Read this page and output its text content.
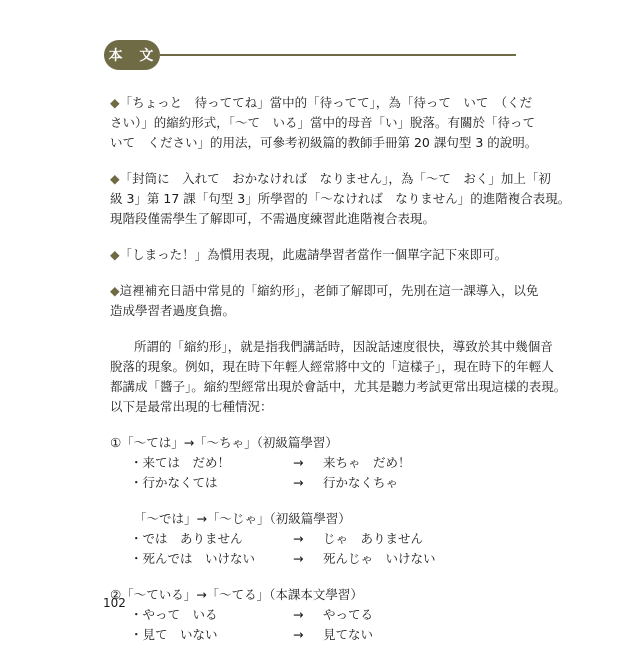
本 文
◆「ちょっと　待っててね」當中的「待ってて」，為「待って　いて　（くだ
さい）」的縮約形式，「〜て　いる」當中的母音「い」脫落。有關於「待って
いて　ください」的用法，可參考初級篇的教師手冊第 20 課句型 3 的說明。
◆「封筒に　入れて　おかなければ　なりません」，為「〜て　おく」加上「初
級 3」第 17 課「句型 3」所學習的「〜なければ　なりません」的進階複合表現。
現階段僅需學生了解即可，不需過度練習此進階複合表現。
◆「しまった！」為慣用表現，此處請學習者當作一個單字記下來即可。
◆這裡補充日語中常見的「縮約形」，老師了解即可，先別在這一課導入，以免
造成學習者過度負擔。
所謂的「縮約形」，就是指我們講話時，因說話速度很快，導致於其中幾個音
脫落的現象。例如，現在時下年輕人經常將中文的「這樣子」，現在時下的年輕人
都講成「醬子」。縮約型經常出現於會話中，尤其是聽力考試更常出現這樣的表現。
以下是最常出現的七種情況：
①「〜ては」→「〜ちゃ」（初級篇學習）
・来ては　だめ！	→	来ちゃ　だめ！
・行かなくては	→	行かなくちゃ
「〜では」→「〜じゃ」（初級篇學習）
・では　ありません	→	じゃ　ありません
・死んでは　いけない	→	死んじゃ　いけない
②「〜ている」→「〜てる」（本課本文學習）
・やって　いる	→	やってる
・見て　いない	→	見てない
102
